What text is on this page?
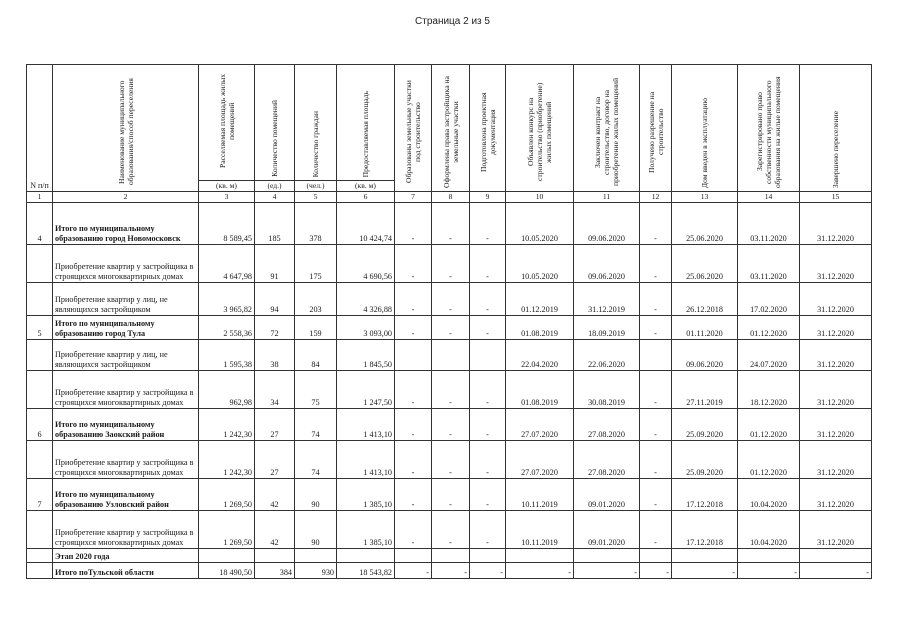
Страница 2 из 5
N п/п	Наименование муниципального образования/способ переселения	Расселяемая площадь жилых помещений	Количество помещений	Количество граждан	Предоставляемая площадь	Образованы земельные участки под строительство	Оформлены права застройщика на земельные участки	Подготовлена проектная документация	Объявлен конкурс на строительство (приобретение) жилых помещений	Заключен контракт на строительство, договор на приобретение жилых помещений	Получено разрешение на строительство	Дом введен в эксплуатацию	Зарегистрировано право собственности муниципального образования на жилые помещения	Завершено переселение
		(кв. м)	(ед.)	(чел.)	(кв. м)									
1	2	3	4	5	6	7	8	9	10	11	12	13	14	15
4	Итого по муниципальному образованию город Новомосковск	8 589,45	185	378	10 424,74	-	-	-	10.05.2020	09.06.2020	-	25.06.2020	03.11.2020	31.12.2020
	Приобретение квартир у застройщика в строящихся многоквартирных домах	4 647,98	91	175	4 690,56	-	-	-	10.05.2020	09.06.2020	-	25.06.2020	03.11.2020	31.12.2020
	Приобретение квартир у лиц, не являющихся застройщиком	3 965,82	94	203	4 326,88	-	-	-	01.12.2019	31.12.2019	-	26.12.2018	17.02.2020	31.12.2020
5	Итого по муниципальному образованию город Тула	2 558,36	72	159	3 093,00	-	-	-	01.08.2019	18.09.2019	-	01.11.2020	01.12.2020	31.12.2020
	Приобретение квартир у лиц, не являющихся застройщиком	1 595,38	38	84	1 845,50				22.04.2020	22.06.2020		09.06.2020	24.07.2020	31.12.2020
	Приобретение квартир у застройщика в строящихся многоквартирных домах	962,98	34	75	1 247,50	-	-	-	01.08.2019	30.08.2019	-	27.11.2019	18.12.2020	31.12.2020
6	Итого по муниципальному образованию Заокский район	1 242,30	27	74	1 413,10	-	-	-	27.07.2020	27.08.2020	-	25.09.2020	01.12.2020	31.12.2020
	Приобретение квартир у застройщика в строящихся многоквартирных домах	1 242,30	27	74	1 413,10	-	-	-	27.07.2020	27.08.2020	-	25.09.2020	01.12.2020	31.12.2020
7	Итого по муниципальному образованию Узловский район	1 269,50	42	90	1 385,10	-	-	-	10.11.2019	09.01.2020	-	17.12.2018	10.04.2020	31.12.2020
	Приобретение квартир у застройщика в строящихся многоквартирных домах	1 269,50	42	90	1 385,10	-	-	-	10.11.2019	09.01.2020	-	17.12.2018	10.04.2020	31.12.2020
	Этап 2020 года													
	Итого поТульской области	18 490,50	384	930	18 543,82	-	-	-	-	-	-	-	-	-
